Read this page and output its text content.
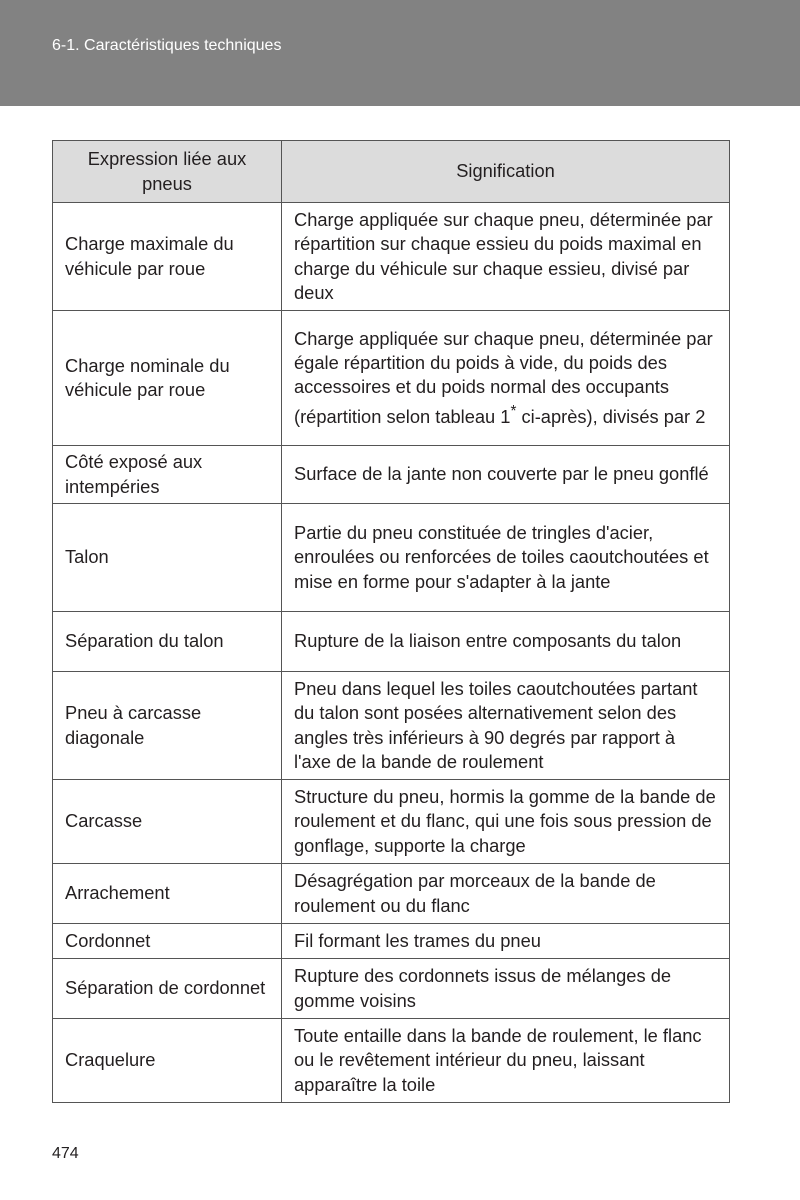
6-1. Caractéristiques techniques
Expression liée aux pneus	Signification
Charge maximale du véhicule par roue	Charge appliquée sur chaque pneu, déterminée par répartition sur chaque essieu du poids maximal en charge du véhicule sur chaque essieu, divisé par deux
Charge nominale du véhicule par roue	Charge appliquée sur chaque pneu, déterminée par égale répartition du poids à vide, du poids des accessoires et du poids normal des occupants (répartition selon tableau 1* ci-après), divisés par 2
Côté exposé aux intempéries	Surface de la jante non couverte par le pneu gonflé
Talon	Partie du pneu constituée de tringles d'acier, enroulées ou renforcées de toiles caoutchoutées et mise en forme pour s'adapter à la jante
Séparation du talon	Rupture de la liaison entre composants du talon
Pneu à carcasse diagonale	Pneu dans lequel les toiles caoutchoutées partant du talon sont posées alternativement selon des angles très inférieurs à 90 degrés par rapport à l'axe de la bande de roulement
Carcasse	Structure du pneu, hormis la gomme de la bande de roulement et du flanc, qui une fois sous pression de gonflage, supporte la charge
Arrachement	Désagrégation par morceaux de la bande de roulement ou du flanc
Cordonnet	Fil formant les trames du pneu
Séparation de cordonnet	Rupture des cordonnets issus de mélanges de gomme voisins
Craquelure	Toute entaille dans la bande de roulement, le flanc ou le revêtement intérieur du pneu, laissant apparaître la toile
474
